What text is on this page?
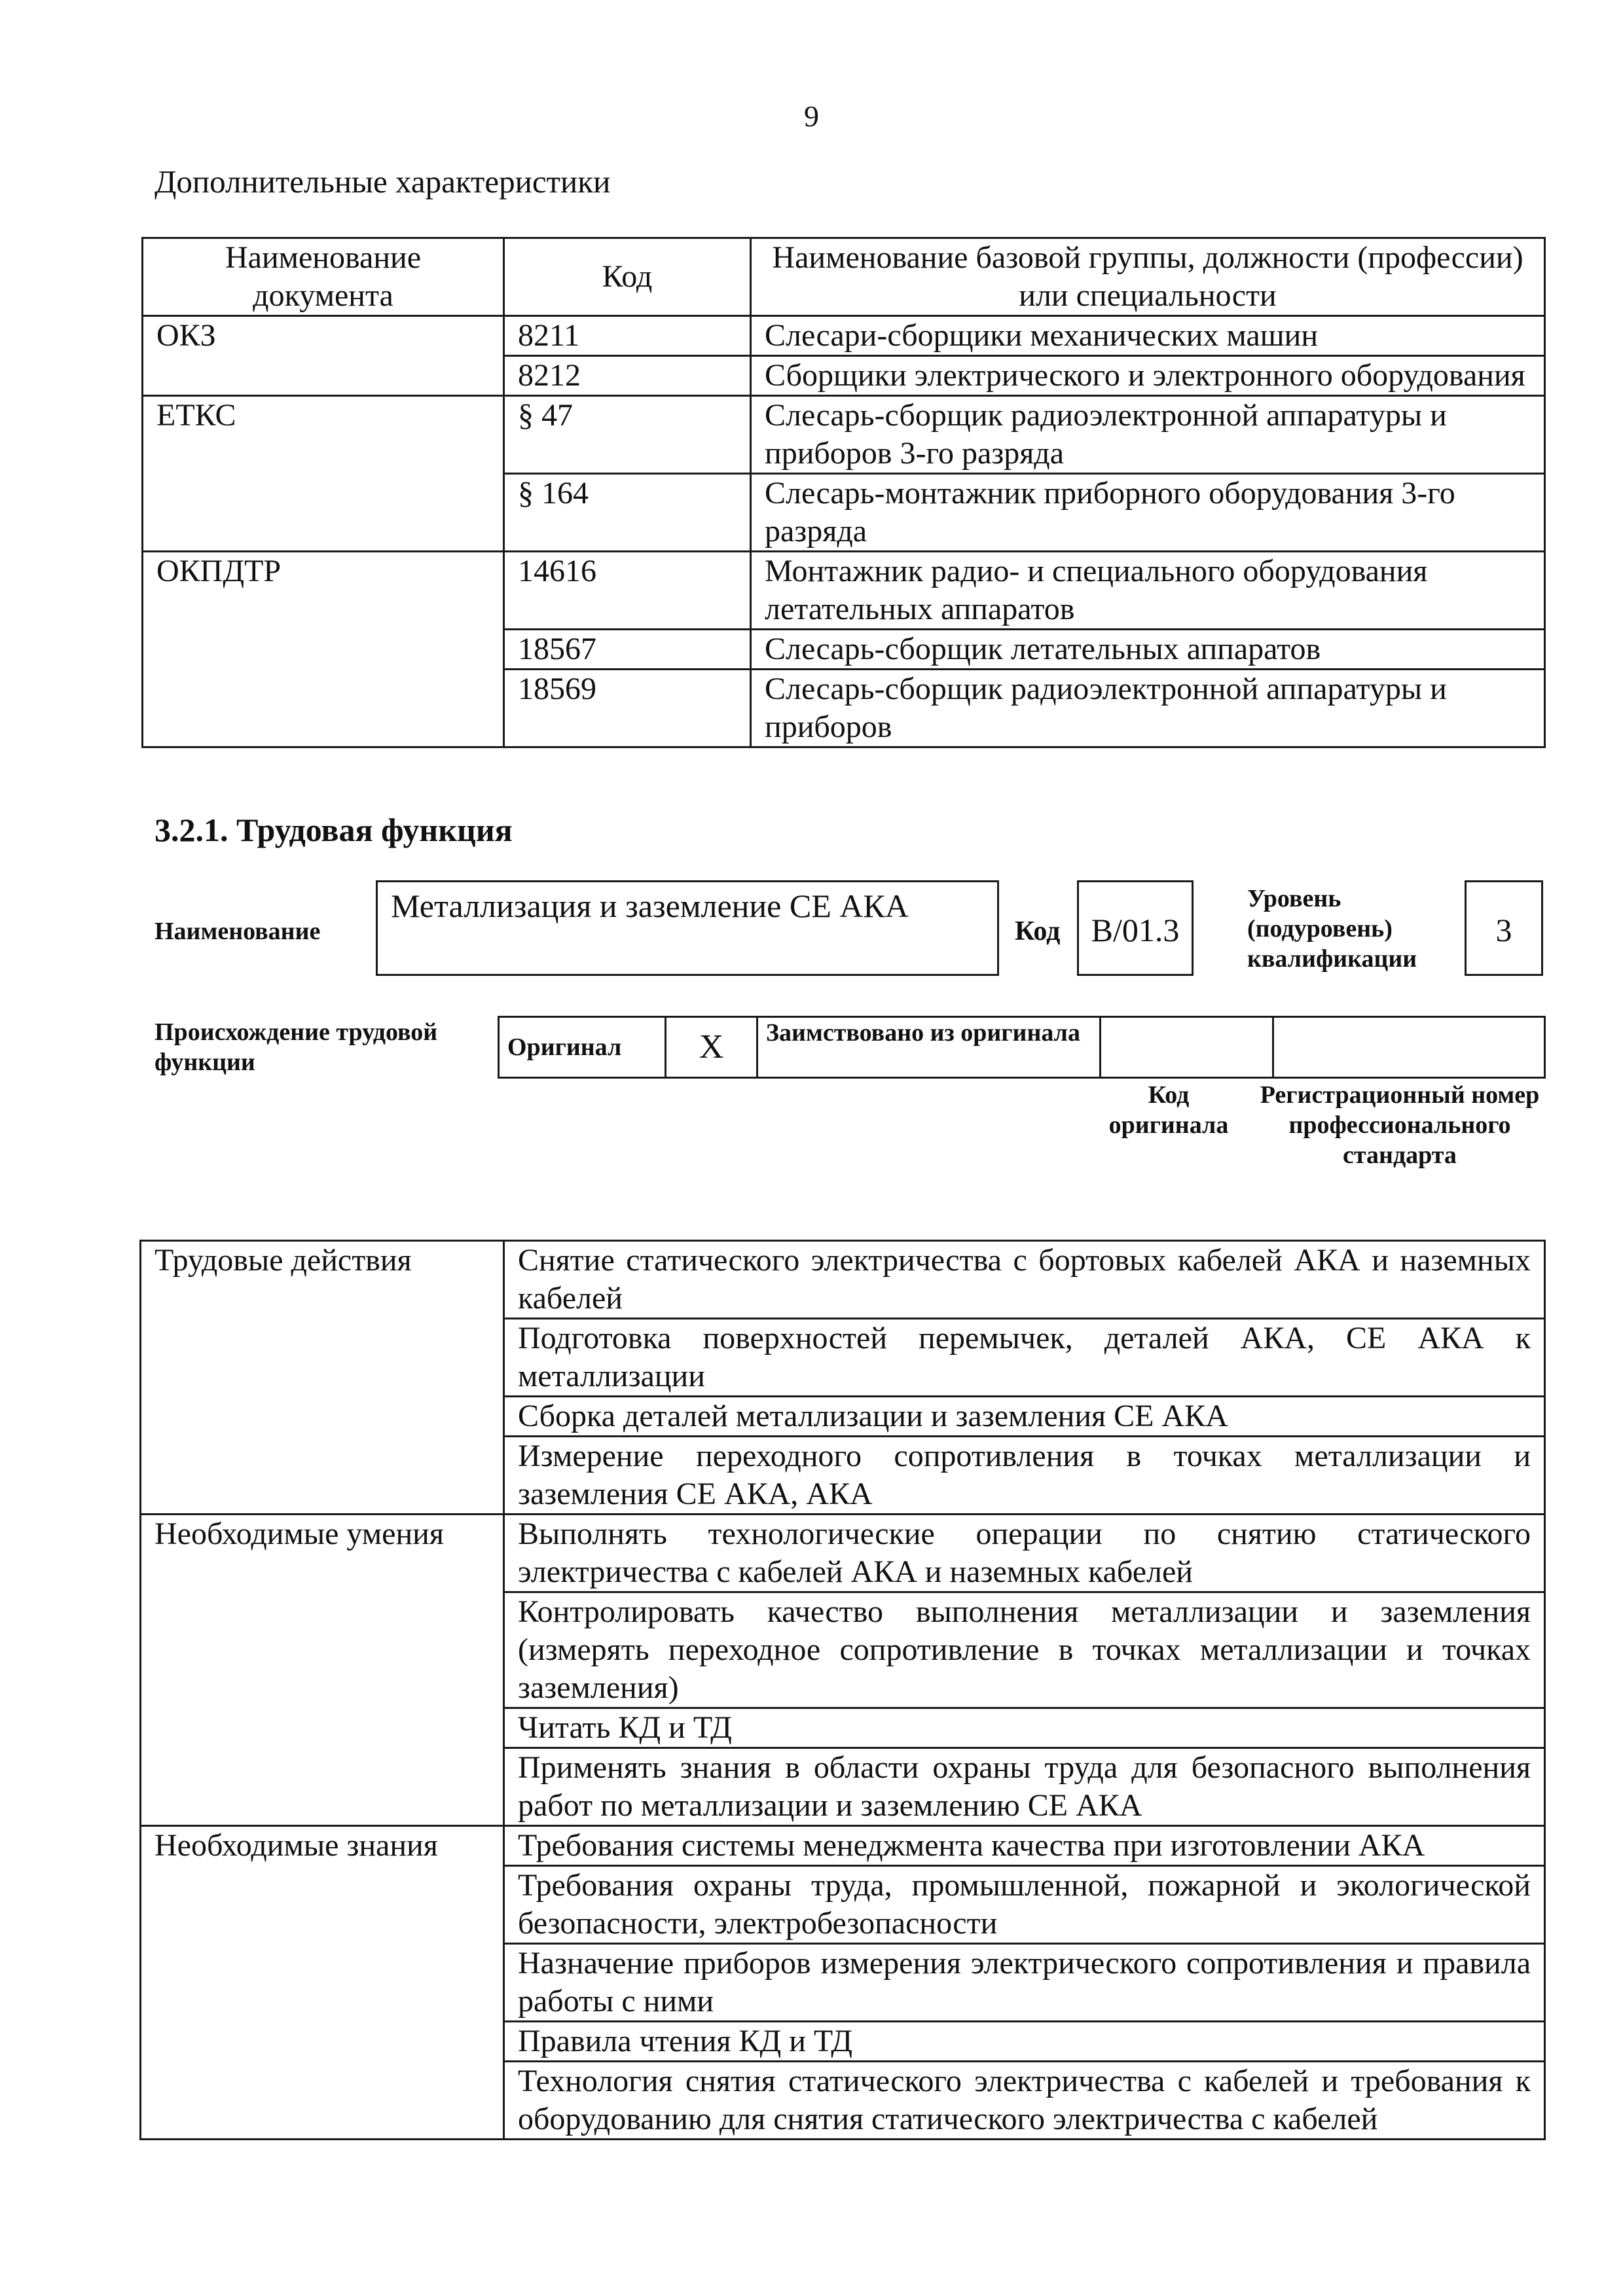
9
Дополнительные характеристики
Наименование документа	Код	Наименование базовой группы, должности (профессии) или специальности
ОКЗ	8211	Слесари-сборщики механических машин
	8212	Сборщики электрического и электронного оборудования
ЕТКС	§ 47	Слесарь-сборщик радиоэлектронной аппаратуры и приборов 3-го разряда
	§ 164	Слесарь-монтажник приборного оборудования 3-го разряда
ОКПДТР	14616	Монтажник радио- и специального оборудования летательных аппаратов
	18567	Слесарь-сборщик летательных аппаратов
	18569	Слесарь-сборщик радиоэлектронной аппаратуры и приборов
3.2.1. Трудовая функция
Наименование
Металлизация и заземление СЕ АКА
Код B/01.3
Уровень (подуровень) квалификации
3
Происхождение трудовой функции
Оригинал	X	Заимствовано из оригинала		
Код оригинала
Регистрационный номер профессионального стандарта
Трудовые действия	Снятие статического электричества с бортовых кабелей АКА и наземных кабелей
	Подготовка поверхностей перемычек, деталей АКА, СЕ АКА к металлизации
	Сборка деталей металлизации и заземления СЕ АКА
	Измерение переходного сопротивления в точках металлизации и заземления СЕ АКА, АКА
Необходимые умения	Выполнять технологические операции по снятию статического электричества с кабелей АКА и наземных кабелей
	Контролировать качество выполнения металлизации и заземления (измерять переходное сопротивление в точках металлизации и точках заземления)
	Читать КД и ТД
	Применять знания в области охраны труда для безопасного выполнения работ по металлизации и заземлению СЕ АКА
Необходимые знания	Требования системы менеджмента качества при изготовлении АКА
	Требования охраны труда, промышленной, пожарной и экологической безопасности, электробезопасности
	Назначение приборов измерения электрического сопротивления и правила работы с ними
	Правила чтения КД и ТД
	Технология снятия статического электричества с кабелей и требования к оборудованию для снятия статического электричества с кабелей
